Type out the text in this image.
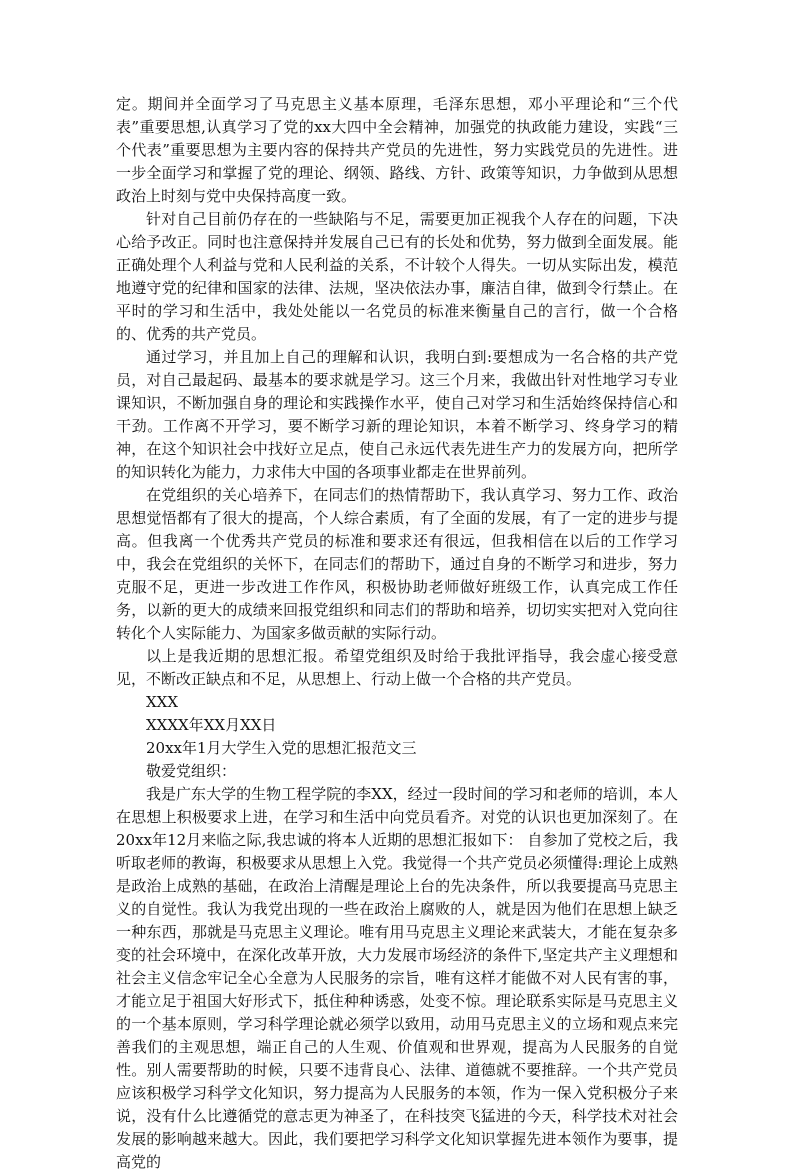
定。期间并全面学习了马克思主义基本原理，毛泽东思想，邓小平理论和“三个代表”重要思想,认真学习了党的xx大四中全会精神，加强党的执政能力建设，实践“三个代表”重要思想为主要内容的保持共产党员的先进性，努力实践党员的先进性。进一步全面学习和掌握了党的理论、纲领、路线、方针、政策等知识，力争做到从思想政治上时刻与党中央保持高度一致。

针对自己目前仍存在的一些缺陷与不足，需要更加正视我个人存在的问题，下决心给予改正。同时也注意保持并发展自己已有的长处和优势，努力做到全面发展。能正确处理个人利益与党和人民利益的关系，不计较个人得失。一切从实际出发，模范地遵守党的纪律和国家的法律、法规，坚决依法办事，廉洁自律，做到令行禁止。在平时的学习和生活中，我处处能以一名党员的标准来衡量自己的言行，做一个合格的、优秀的共产党员。

通过学习，并且加上自己的理解和认识，我明白到:要想成为一名合格的共产党员，对自己最起码、最基本的要求就是学习。这三个月来，我做出针对性地学习专业课知识，不断加强自身的理论和实践操作水平，使自己对学习和生活始终保持信心和干劲。工作离不开学习，要不断学习新的理论知识，本着不断学习、终身学习的精神，在这个知识社会中找好立足点，使自己永远代表先进生产力的发展方向，把所学的知识转化为能力，力求伟大中国的各项事业都走在世界前列。

在党组织的关心培养下，在同志们的热情帮助下，我认真学习、努力工作、政治思想觉悟都有了很大的提高，个人综合素质，有了全面的发展，有了一定的进步与提高。但我离一个优秀共产党员的标准和要求还有很远，但我相信在以后的工作学习中，我会在党组织的关怀下，在同志们的帮助下，通过自身的不断学习和进步，努力克服不足，更进一步改进工作作风，积极协助老师做好班级工作，认真完成工作任务，以新的更大的成绩来回报党组织和同志们的帮助和培养，切切实实把对入党向往转化个人实际能力、为国家多做贡献的实际行动。

以上是我近期的思想汇报。希望党组织及时给于我批评指导，我会虚心接受意见，不断改正缺点和不足，从思想上、行动上做一个合格的共产党员。

XXX

XXXX年XX月XX日

20xx年1月大学生入党的思想汇报范文三

敬爱党组织：

我是广东大学的生物工程学院的李XX，经过一段时间的学习和老师的培训，本人在思想上积极要求上进，在学习和生活中向党员看齐。对党的认识也更加深刻了。在20xx年12月来临之际,我忠诚的将本人近期的思想汇报如下： 自参加了党校之后，我听取老师的教诲，积极要求从思想上入党。我觉得一个共产党员必须懂得:理论上成熟是政治上成熟的基础，在政治上清醒是理论上台的先决条件，所以我要提高马克思主义的自觉性。我认为我党出现的一些在政治上腐败的人，就是因为他们在思想上缺乏一种东西，那就是马克思主义理论。唯有用马克思主义理论来武装大，才能在复杂多变的社会环境中，在深化改革开放，大力发展市场经济的条件下,坚定共产主义理想和社会主义信念牢记全心全意为人民服务的宗旨，唯有这样才能做不对人民有害的事，才能立足于祖国大好形式下，抵住种种诱惑，处变不惊。理论联系实际是马克思主义的一个基本原则，学习科学理论就必须学以致用，动用马克思主义的立场和观点来完善我们的主观思想，端正自己的人生观、价值观和世界观，提高为人民服务的自觉性。别人需要帮助的时候，只要不违背良心、法律、道德就不要推辞。一个共产党员应该积极学习科学文化知识，努力提高为人民服务的本领，作为一保入党积极分子来说，没有什么比遵循党的意志更为神圣了，在科技突飞猛进的今天，科学技术对社会发展的影响越来越大。因此，我们要把学习科学文化知识掌握先进本领作为要事，提高党的
